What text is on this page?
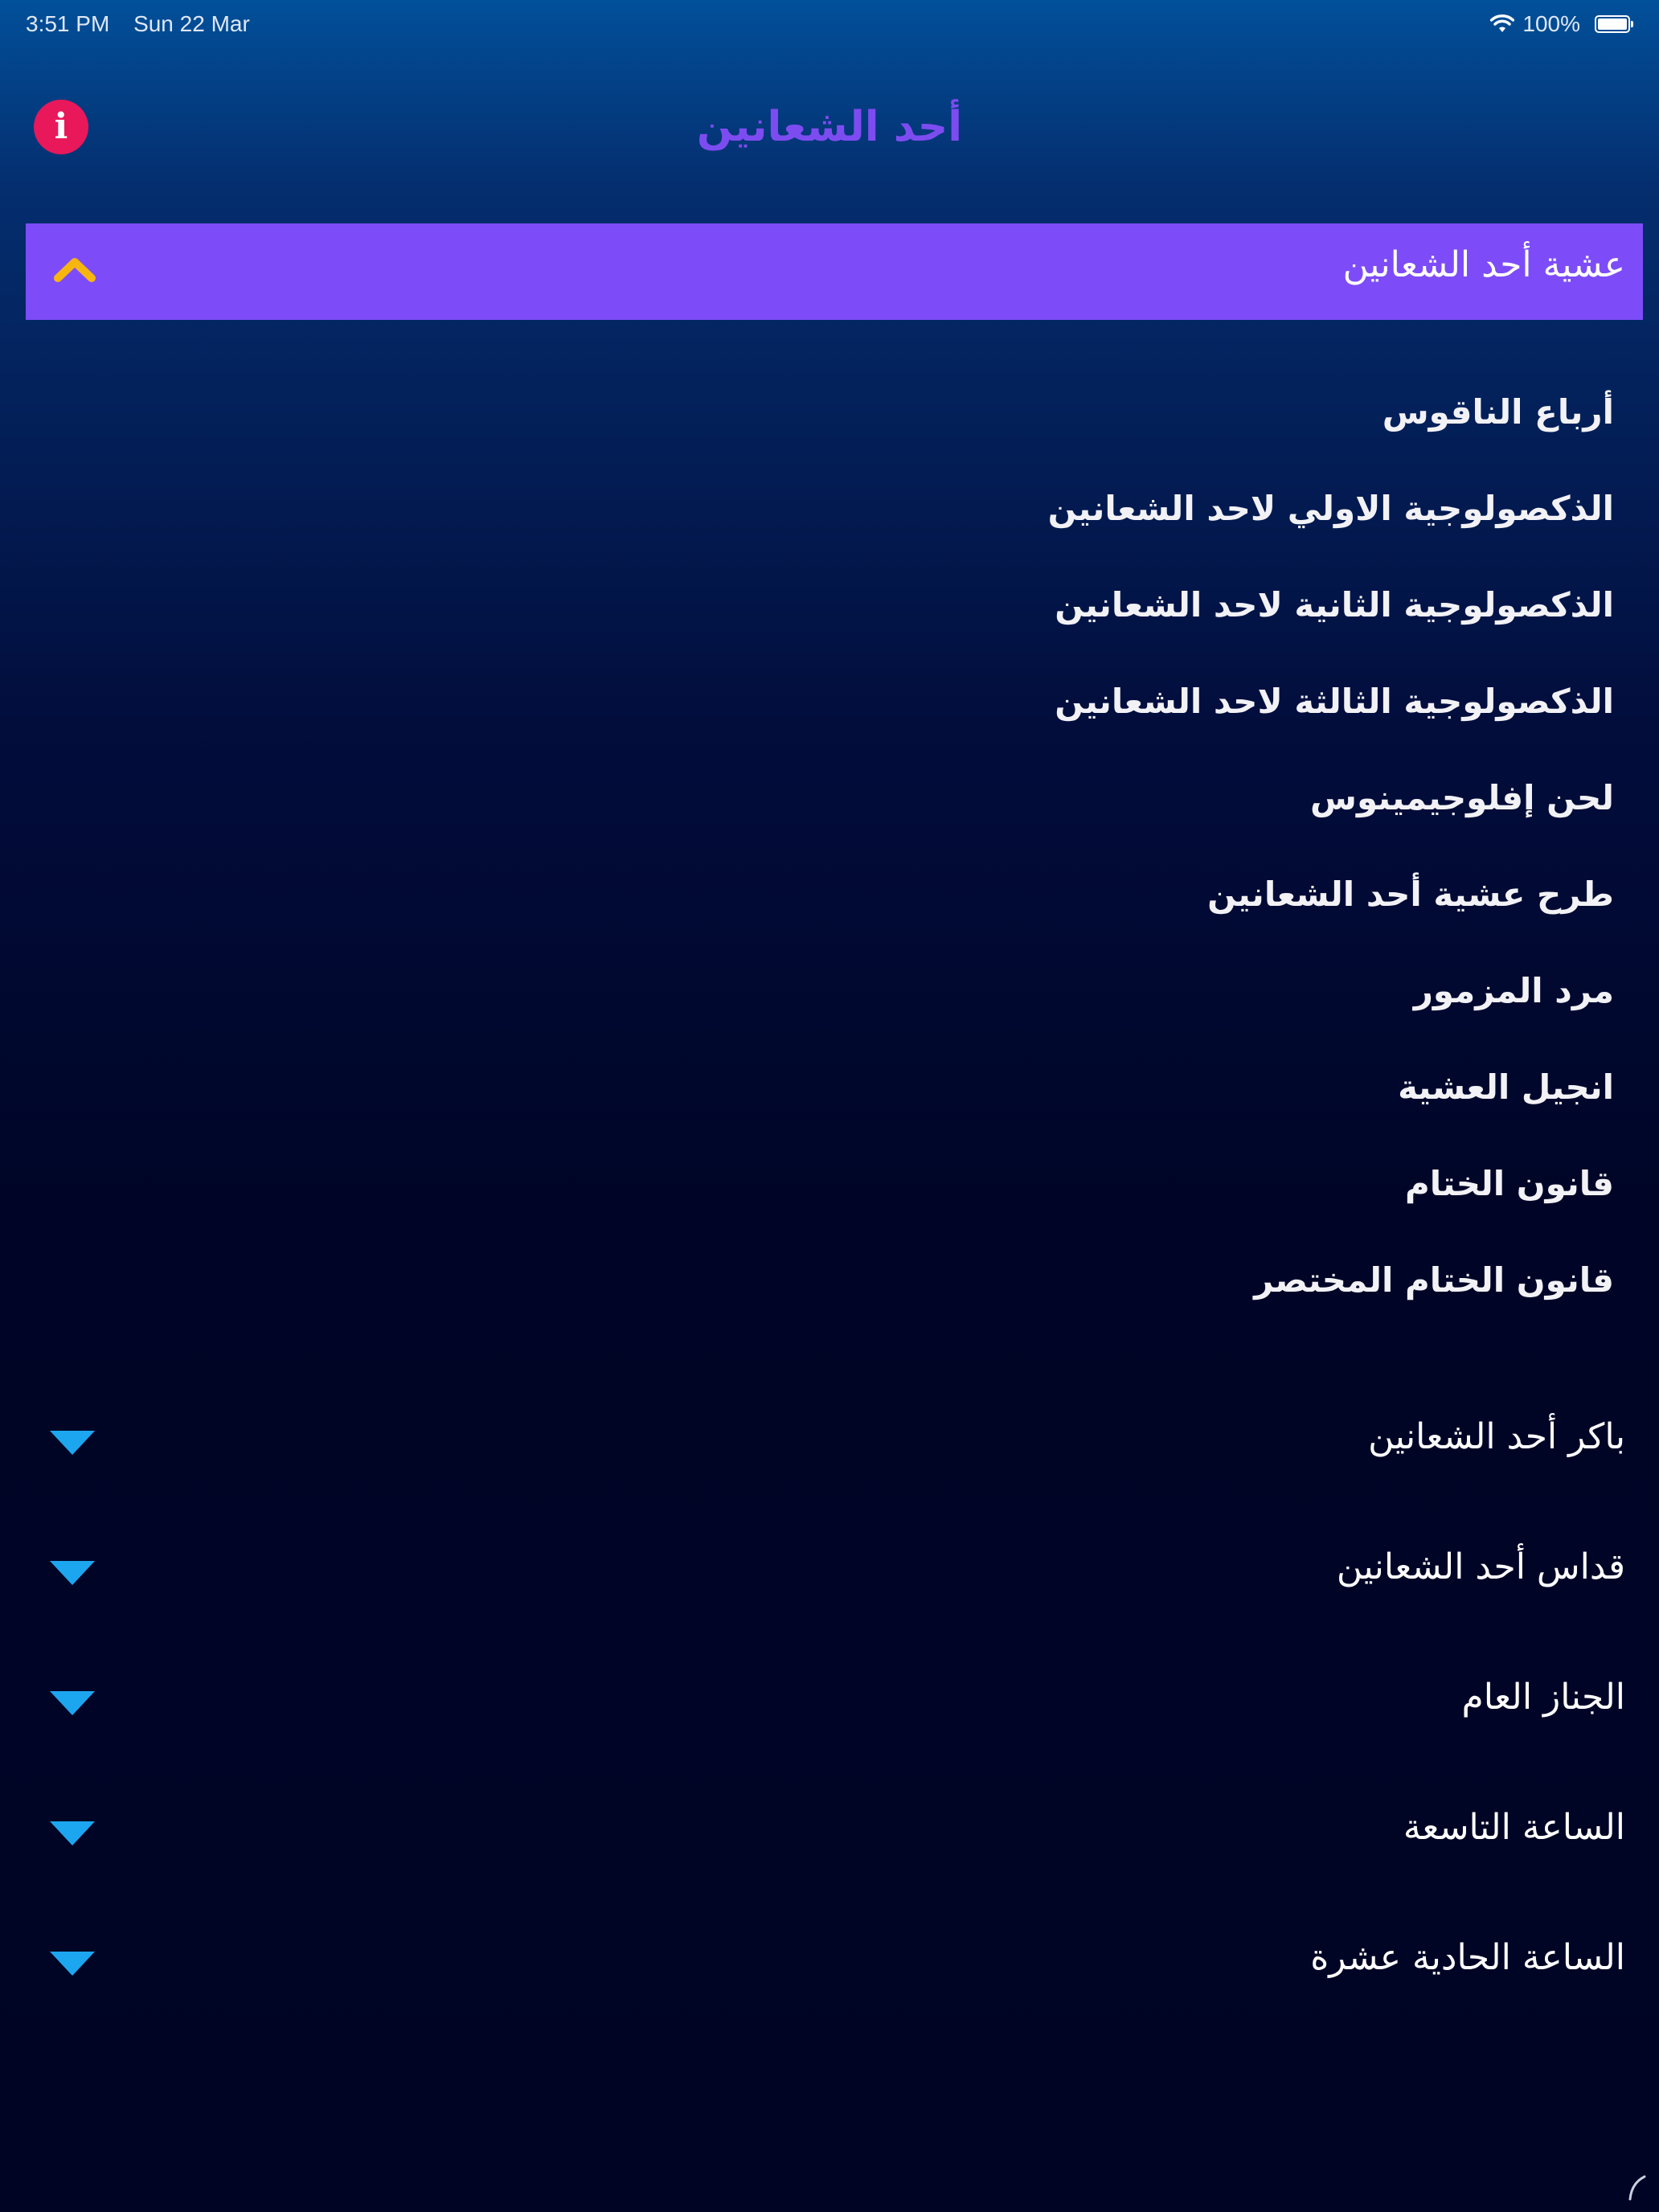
3:51 PM Sun 22 Mar	100%
i	أحد الشعانين
عشية أحد الشعانين
أرباع الناقوس
الذكصولوجية الاولي لاحد الشعانين
الذكصولوجية الثانية لاحد الشعانين
الذكصولوجية الثالثة لاحد الشعانين
لحن إفلوجيمينوس
طرح عشية أحد الشعانين
مرد المزمور
انجيل العشية
قانون الختام
قانون الختام المختصر
باكر أحد الشعانين
قداس أحد الشعانين
الجناز العام
الساعة التاسعة
الساعة الحادية عشرة
